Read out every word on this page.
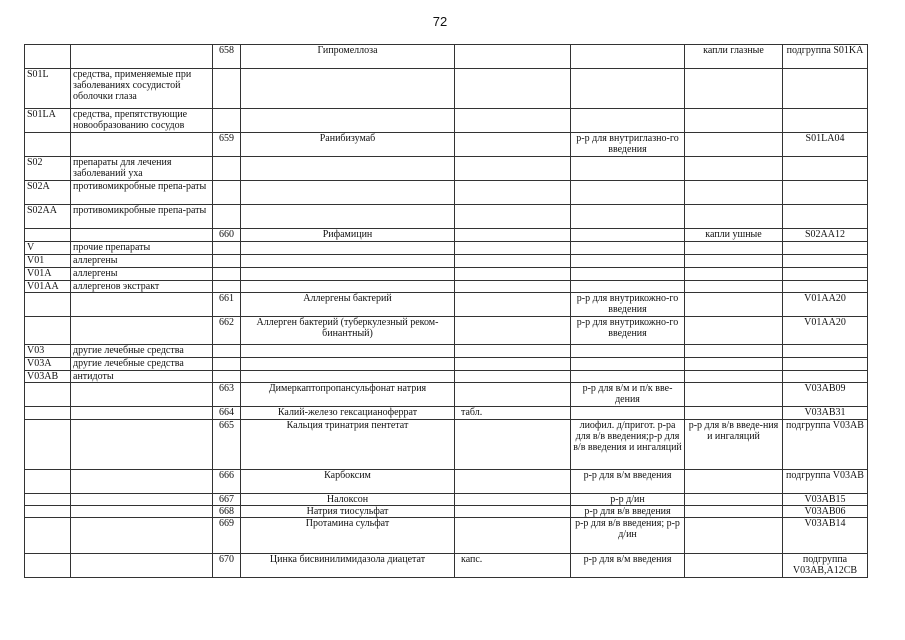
72
		658	Гипромеллоза			капли глазные	подгруппа S01KA
S01L	средства, применяемые при заболеваниях сосудистой оболочки глаза						
S01LA	средства, препятствующие новообразованию сосудов						
		659	Ранибизумаб		р-р для внутриглазно-го введения		S01LA04
S02	препараты для лечения заболеваний уха						
S02A	противомикробные препа-раты						
S02AA	противомикробные препа-раты						
		660	Рифамицин			капли ушные	S02AA12
V	прочие препараты						
V01	аллергены						
V01A	аллергены						
V01AA	аллергенов экстракт						
		661	Аллергены бактерий		р-р для внутрикожно-го введения		V01AA20
		662	Аллерген бактерий (туберкулезный реком-бинантный)		р-р для внутрикожно-го введения		V01AA20
V03	другие лечебные средства						
V03A	другие лечебные средства						
V03AB	антидоты						
		663	Димеркаптопропансульфонат натрия		р-р для в/м и п/к вве-дения		V03AB09
		664	Калий-железо гексацианоферрат	табл.			V03AB31
		665	Кальция тринатрия пентетат		лиофил. д/пригот. р-ра для в/в введения;р-р для в/в введения и ингаляций	р-р для в/в введе-ния и ингаляций	подгруппа V03AB
		666	Карбоксим		р-р для в/м введения		подгруппа V03AB
		667	Налоксон		р-р д/ин		V03AB15
		668	Натрия тиосульфат		р-р для в/в введения		V03AB06
		669	Протамина сульфат		р-р для в/в введения; р-р д/ин		V03AB14
		670	Цинка бисвинилимидазола диацетат	капс.	р-р для в/м введения		подгруппа V03AB,A12CB
